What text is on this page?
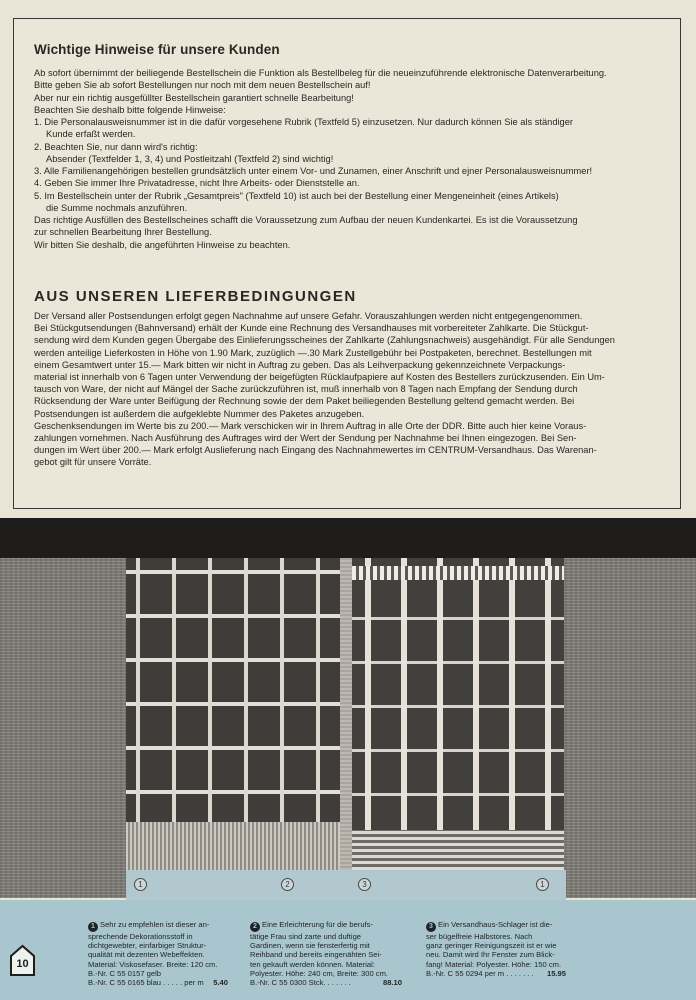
Wichtige Hinweise für unsere Kunden

Ab sofort übernimmt der beiliegende Bestellschein die Funktion als Bestellbeleg für die neueinzuführende elektronische Datenverarbeitung.

Bitte geben Sie ab sofort Bestellungen nur noch mit dem neuen Bestellschein auf!

Aber nur ein richtig ausgefüllter Bestellschein garantiert schnelle Bearbeitung!

Beachten Sie deshalb bitte folgende Hinweise:

1. Die Personalausweisnummer ist in die dafür vorgesehene Rubrik (Textfeld 5) einzusetzen. Nur dadurch können Sie als ständiger

Kunde erfaßt werden.

2. Beachten Sie, nur dann wird's richtig:

Absender (Textfelder 1, 3, 4) und Postleitzahl (Textfeld 2) sind wichtig!

3. Alle Familienangehörigen bestellen grundsätzlich unter einem Vor- und Zunamen, einer Anschrift und ejner Personalausweisnummer!

4. Geben Sie immer Ihre Privatadresse, nicht Ihre Arbeits- oder Dienststelle an.

5. Im Bestellschein unter der Rubrik „Gesamtpreis" (Textfeld 10) ist auch bei der Bestellung einer Mengeneinheit (eines Artikels)

die Summe nochmals anzuführen.

Das richtige Ausfüllen des Bestellscheines schafft die Voraussetzung zum Aufbau der neuen Kundenkartei. Es ist die Voraussetzung

zur schnellen Bearbeitung Ihrer Bestellung.

Wir bitten Sie deshalb, die angeführten Hinweise zu beachten.

AUS UNSEREN LIEFERBEDINGUNGEN
Der Versand aller Postsendungen erfolgt gegen Nachnahme auf unsere Gefahr. Vorauszahlungen werden nicht entgegengenommen.
Bei Stückgutsendungen (Bahnversand) erhält der Kunde eine Rechnung des Versandhauses mit vorbereiteter Zahlkarte. Die Stückgut-
sendung wird dem Kunden gegen Übergabe des Einlieferungsscheines der Zahlkarte (Zahlungsnachweis) ausgehändigt. Für alle Sendungen
werden anteilige Lieferkosten in Höhe von 1.90 Mark, zuzüglich —.30 Mark Zustellgebühr bei Postpaketen, berechnet. Bestellungen mit
einem Gesamtwert unter 15.— Mark bitten wir nicht in Auftrag zu geben. Das als Leihverpackung gekennzeichnete Verpackungs-
material ist innerhalb von 6 Tagen unter Verwendung der beigefügten Rücklaufpapiere auf Kosten des Bestellers zurückzusenden. Ein Um-
tausch von Ware, der nicht auf Mängel der Sache zurückzuführen ist, muß innerhalb von 8 Tagen nach Empfang der Sendung durch
Rücksendung der Ware unter Beifügung der Rechnung sowie der dem Paket beiliegenden Bestellung geltend gemacht werden. Bei
Postsendungen ist außerdem die aufgeklebte Nummer des Paketes anzugeben.
Geschenksendungen im Werte bis zu 200.— Mark verschicken wir in Ihrem Auftrag in alle Orte der DDR. Bitte auch hier keine Voraus-
zahlungen vornehmen. Nach Ausführung des Auftrages wird der Wert der Sendung per Nachnahme bei Ihnen eingezogen. Bei Sen-
dungen im Wert über 200.— Mark erfolgt Auslieferung nach Eingang des Nachnahmewertes im CENTRUM-Versandhaus. Das Warenan-
gebot gilt für unsere Vorräte.
1	2	3	1
10

1 Sehr zu empfehlen ist dieser an-

sprechende Dekorationsstoff in

dichtgewebter, einfarbiger Struktur-

qualität mit dezenten Webeffekten.

Material: Viskosefaser. Breite: 120 cm.

B.-Nr. C 55 0157 gelb

B.-Nr. C 55 0165 blau . . . . . per m 5.40

2 Eine Erleichterung für die berufs-

tätige Frau sind zarte und duftige

Gardinen, wenn sie fensterfertig mit

Reihband und bereits eingenähten Sei-

ten gekauft werden können. Material:

Polyester. Höhe: 240 cm, Breite: 300 cm.

B.-Nr. C 55 0300 Stck. . . . . . .	88.10

3 Ein Versandhaus-Schlager ist die-

ser bügelfreie Halbstores. Nach

ganz geringer Reinigungszeit ist er wie

neu. Damit wird Ihr Fenster zum Blick-

fang! Material: Polyester. Höhe: 150 cm.

B.-Nr. C 55 0294 per m . . . . . . . 15.95
